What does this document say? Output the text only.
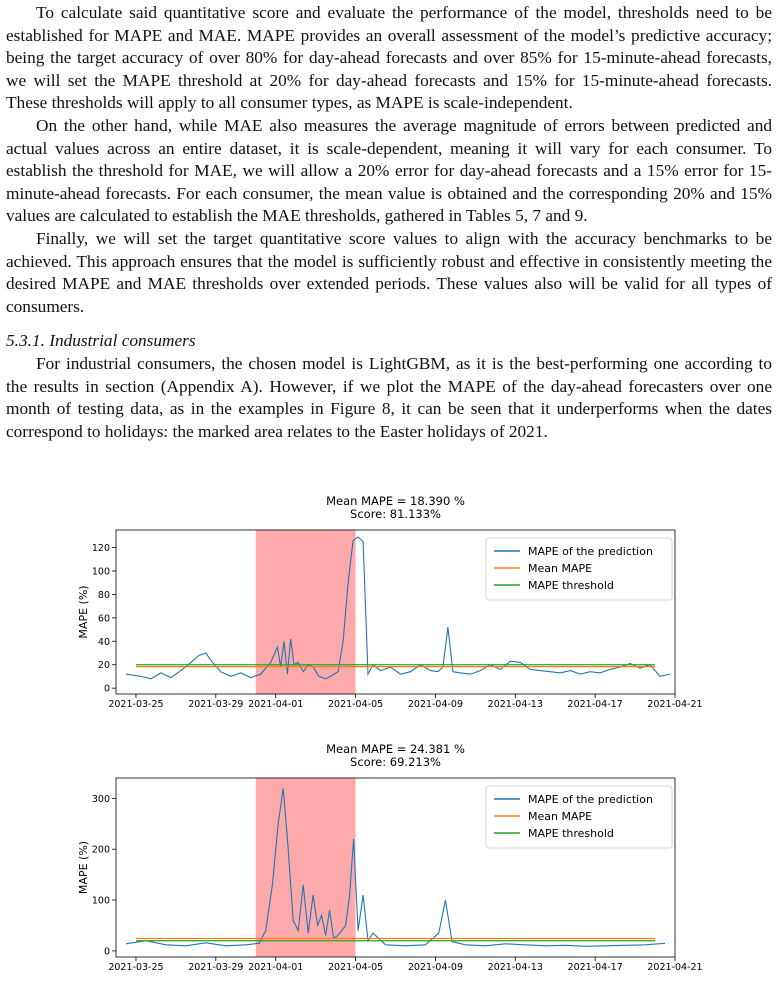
To calculate said quantitative score and evaluate the performance of the model, thresholds need to be established for MAPE and MAE. MAPE provides an overall assessment of the model’s predictive accuracy; being the target accuracy of over 80% for day-ahead forecasts and over 85% for 15-minute-ahead forecasts, we will set the MAPE threshold at 20% for day-ahead forecasts and 15% for 15-minute-ahead forecasts. These thresholds will apply to all consumer types, as MAPE is scale-independent.

On the other hand, while MAE also measures the average magnitude of errors between predicted and actual values across an entire dataset, it is scale-dependent, meaning it will vary for each consumer. To establish the threshold for MAE, we will allow a 20% error for day-ahead forecasts and a 15% error for 15-minute-ahead forecasts. For each consumer, the mean value is obtained and the corresponding 20% and 15% values are calculated to establish the MAE thresholds, gathered in Tables 5, 7 and 9.

Finally, we will set the target quantitative score values to align with the accuracy benchmarks to be achieved. This approach ensures that the model is sufficiently robust and effective in consistently meeting the desired MAPE and MAE thresholds over extended periods. These values also will be valid for all types of consumers.

5.3.1. Industrial consumers

For industrial consumers, the chosen model is LightGBM, as it is the best-performing one according to the results in section (Appendix A). However, if we plot the MAPE of the day-ahead forecasters over one month of testing data, as in the examples in Figure 8, it can be seen that it underperforms when the dates correspond to holidays: the marked area relates to the Easter holidays of 2021.

Mean MAPE = 18.390 %
Score: 81.133%
0
20
40
60
80
100
120
MAPE (%)
2021-03-25	2021-03-29 2021-04-01	2021-04-05	2021-04-09	2021-04-13	2021-04-17	2021-04-21
MAPE of the prediction
Mean MAPE
MAPE threshold
Mean MAPE = 24.381 %
Score: 69.213%
0
100
200
300
MAPE (%)
2021-03-25	2021-03-29 2021-04-01	2021-04-05	2021-04-09	2021-04-13	2021-04-17	2021-04-21
MAPE of the prediction
Mean MAPE
MAPE threshold
